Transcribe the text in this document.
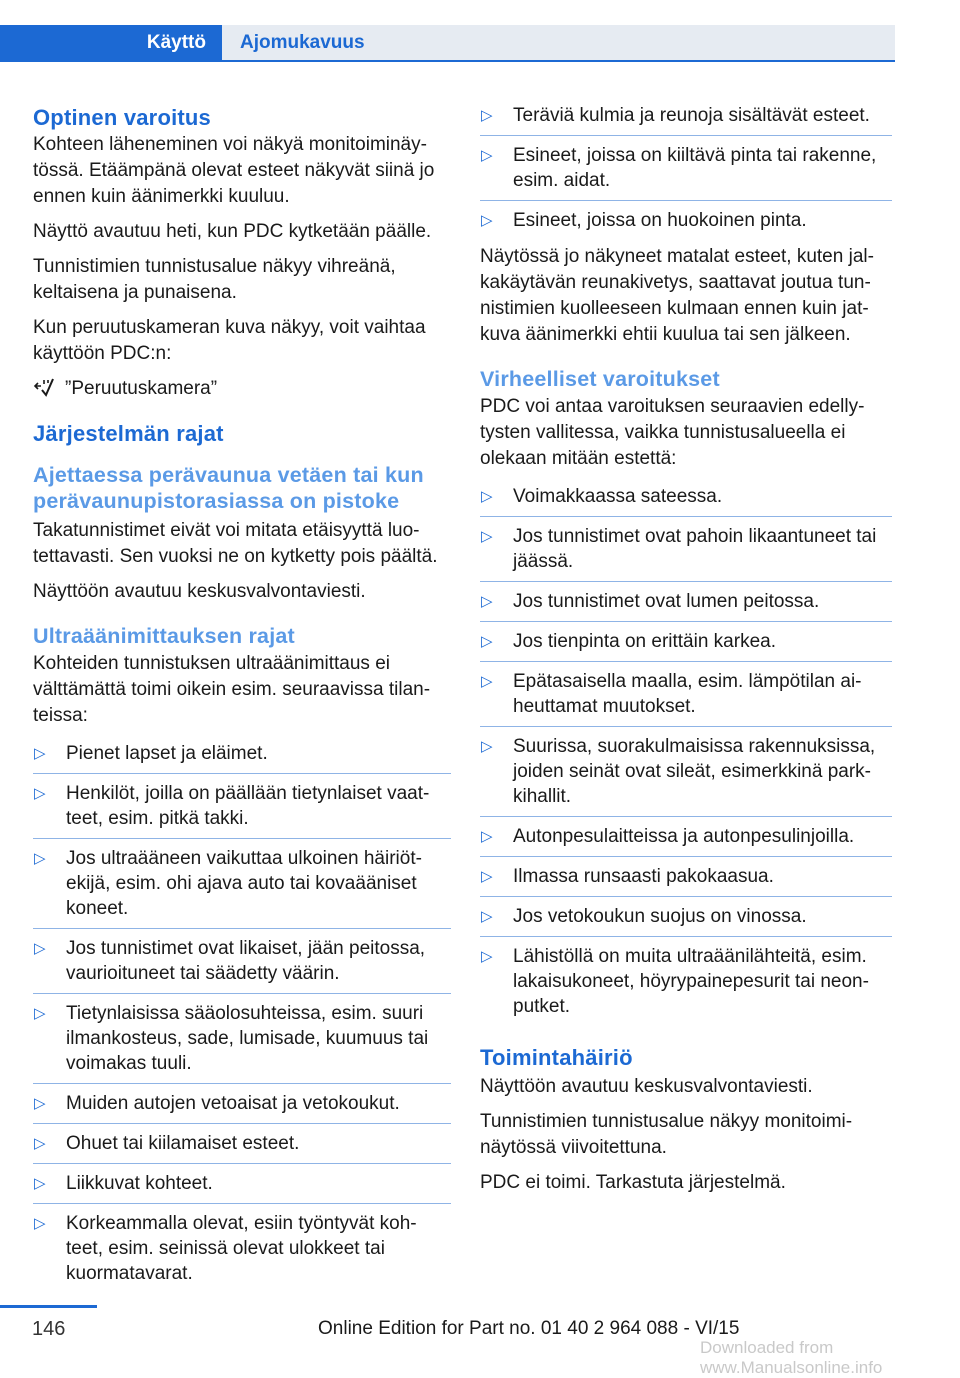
Käyttö Ajomukavuus
Optinen varoitus

Kohteen läheneminen voi näkyä monitoiminäy-tössä. Etäämpänä olevat esteet näkyvät siinä jo ennen kuin äänimerkki kuuluu.

Näyttö avautuu heti, kun PDC kytketään päälle.

Tunnistimien tunnistusalue näkyy vihreänä, keltaisena ja punaisena.

Kun peruutuskameran kuva näkyy, voit vaihtaa käyttöön PDC:n:

”Peruutuskamera”
Järjestelmän rajat
Ajettaessa perävaunua vetäen tai kun perävaunupistorasiassa on pistoke

Takatunnistimet eivät voi mitata etäisyyttä luo-tettavasti. Sen vuoksi ne on kytketty pois päältä.

Näyttöön avautuu keskusvalvontaviesti.

Ultraäänimittauksen rajat

Kohteiden tunnistuksen ultraäänimittaus ei välttämättä toimi oikein esim. seuraavissa tilan-teissa:

▷ Pienet lapset ja eläimet.
▷ Henkilöt, joilla on päällään tietynlaiset vaat-teet, esim. pitkä takki.
▷ Jos ultraääneen vaikuttaa ulkoinen häiriöt-ekijä, esim. ohi ajava auto tai kovaääniset koneet.
▷ Jos tunnistimet ovat likaiset, jään peitossa, vaurioituneet tai säädetty väärin.
▷ Tietynlaisissa sääolosuhteissa, esim. suuri ilmankosteus, sade, lumisade, kuumuus tai voimakas tuuli.
▷ Muiden autojen vetoaisat ja vetokoukut.
▷ Ohuet tai kiilamaiset esteet.
▷ Liikkuvat kohteet.
▷ Korkeammalla olevat, esiin työntyvät koh-teet, esim. seinissä olevat ulokkeet tai kuormatavarat.
▷ Teräviä kulmia ja reunoja sisältävät esteet.
▷ Esineet, joissa on kiiltävä pinta tai rakenne, esim. aidat.
▷ Esineet, joissa on huokoinen pinta.

Näytössä jo näkyneet matalat esteet, kuten jal-kakäytävän reunakivetys, saattavat joutua tun-nistimien kuolleeseen kulmaan ennen kuin jat-kuva äänimerkki ehtii kuulua tai sen jälkeen.

Virheelliset varoitukset

PDC voi antaa varoituksen seuraavien edelly-tysten vallitessa, vaikka tunnistusalueella ei olekaan mitään estettä:

▷ Voimakkaassa sateessa.
▷ Jos tunnistimet ovat pahoin likaantuneet tai jäässä.
▷ Jos tunnistimet ovat lumen peitossa.
▷ Jos tienpinta on erittäin karkea.
▷ Epätasaisella maalla, esim. lämpötilan ai-heuttamat muutokset.
▷ Suurissa, suorakulmaisissa rakennuksissa, joiden seinät ovat sileät, esimerkkinä park-kihallit.
▷ Autonpesulaitteissa ja autonpesulinjoilla.
▷ Ilmassa runsaasti pakokaasua.
▷ Jos vetokoukun suojus on vinossa.
▷ Lähistöllä on muita ultraäänilähteitä, esim. lakaisukoneet, höyrypainepesurit tai neon-putket.
Toimintahäiriö

Näyttöön avautuu keskusvalvontaviesti.

Tunnistimien tunnistusalue näkyy monitoimi-näytössä viivoitettuna.

PDC ei toimi. Tarkastuta järjestelmä.

146	Online Edition for Part no. 01 40 2 964 088 - VI/15
Downloaded from www.Manualsonline.info
